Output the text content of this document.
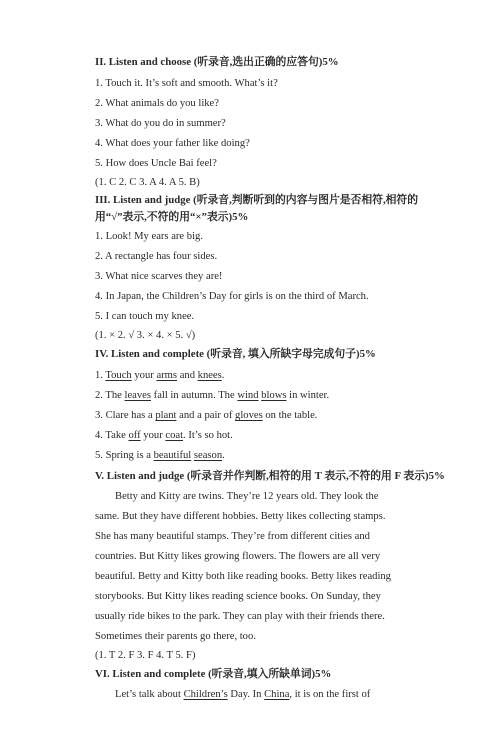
II. Listen and choose (听录音,选出正确的应答句)5%
1. Touch it. It’s soft and smooth. What’s it?
2. What animals do you like?
3. What do you do in summer?
4. What does your father like doing?
5. How does Uncle Bai feel?
(1. C 2. C 3. A 4. A 5. B)
III. Listen and judge (听录音,判断听到的内容与图片是否相符,相符的
用“√”表示,不符的用“×”表示)5%
1. Look! My ears are big.
2. A rectangle has four sides.
3. What nice scarves they are!
4. In Japan, the Children’s Day for girls is on the third of March.
5. I can touch my knee.
(1. × 2. √ 3. × 4. × 5. √)
IV. Listen and complete (听录音, 填入所缺字母完成句子)5%
1. Touch your arms and knees.
2. The leaves fall in autumn. The wind blows in winter.
3. Clare has a plant and a pair of gloves on the table.
4. Take off your coat. It’s so hot.
5. Spring is a beautiful season.
V. Listen and judge (听录音并作判断,相符的用 T 表示,不符的用 F 表示)5%
Betty and Kitty are twins. They’re 12 years old. They look the
same. But they have different hobbies. Betty likes collecting stamps.
She has many beautiful stamps. They’re from different cities and
countries. But Kitty likes growing flowers. The flowers are all very
beautiful. Betty and Kitty both like reading books. Betty likes reading
storybooks. But Kitty likes reading science books. On Sunday, they
usually ride bikes to the park. They can play with their friends there.
Sometimes their parents go there, too.
(1. T 2. F 3. F 4. T 5. F)
VI. Listen and complete (听录音,填入所缺单词)5%
Let’s talk about Children’s Day. In China, it is on the first of
